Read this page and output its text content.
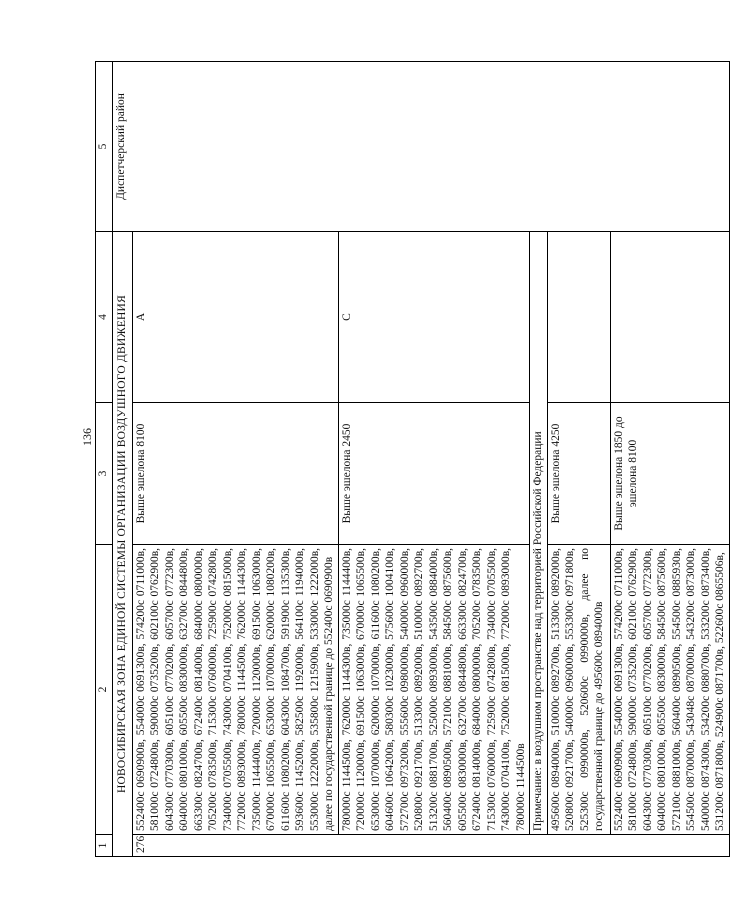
136
1	2	3	4	5
НОВОСИБИРСКАЯ ЗОНА ЕДИНОЙ СИСТЕМЫ ОРГАНИЗАЦИИ ВОЗДУШНОГО ДВИЖЕНИЯ				Диспетчерский район
276	552400с 0690900в, 554000с 0691300в, 574200с 0711000в, 581000с 0724800в, 590000с 0735200в, 602100с 0762900в, 604300с 0770300в, 605100с 0770200в, 605700с 0772300в, 604000с 0801000в, 605500с 0830000в, 632700с 0844800в, 663300с 0824700в, 672400с 0814000в, 684000с 0800000в, 705200с 0783500в, 715300с 0760000в, 725900с 0742800в, 734000с 0705500в, 743000с 0704100в, 752000с 0815000в, 772000с 0893000в, 780000с 1144500в, 762000с 1144300в, 735000с 1144400в, 720000с 1120000в, 691500с 1063000в, 670000с 1065500в, 653000с 1070000в, 620000с 1080200в, 611600с 1080200в, 604300с 1084700в, 591900с 1135300в, 593600с 1145200в, 582500с 1192000в, 564100с 1194000в, 553000с 1222000в, 535800с 1215900в, 533000с 1222000в, далее по государственной границе до 552400с 0690900в	Выше эшелона 8100	A	
	780000с 1144500в, 762000с 1144300в, 735000с 1144400в, 720000с 1120000в, 691500с 1063000в, 670000с 1065500в, 653000с 1070000в, 620000с 1070000в, 611600с 1080200в, 604600с 1064200в, 580300с 1023000в, 575600с 1004100в, 572700с 0973200в, 555600с 0980000в, 540000с 0960000в, 520800с 0921700в, 513300с 0892000в, 510000с 0892700в, 513200с 0881700в, 525000с 0893000в, 543500с 0884000в, 560400с 0890500в, 572100с 0881000в, 584500с 0875600в, 605500с 0830000в, 632700с 0844800в, 663300с 0824700в, 672400с 0814000в, 684000с 0800000в, 705200с 0783500в, 715300с 0760000в, 725900с 0742800в, 734000с 0705500в, 743000с 0704100в, 752000с 0815000в, 772000с 0893000в, 780000с 1144500в	Выше эшелона 2450	C	
	Примечание: в воздушном пространстве над территорией Российской Федерации			
	495600с 0894000в, 510000с 0892700в, 513300с 0892000в, 520800с 0921700в, 540000с 0960000в, 553300с 0971800в, 525300с 0990000в, 520600с 0990000в, далее по государственной границе до 495600с 0894000в	Выше эшелона 4250		
	552400с 0690900в, 554000с 0691300в, 574200с 0711000в, 581000с 0724800в, 590000с 0735200в, 602100с 0762900в, 604300с 0770300в, 605100с 0770200в, 605700с 0772300в, 604000с 0801000в, 605500с 0830000в, 584500с 0875600в, 572100с 0881000в, 560400с 0890500в, 554500с 0885930в, 554500с 0870000в, 543048с 0870000в, 543200с 0873000в, 540000с 0874300в, 534200с 0880700в, 533200с 0873400в, 531200с 0871800в, 524900с 0871700в, 522600с 0865506в,	Выше эшелона 1850 до эшелона 8100		
